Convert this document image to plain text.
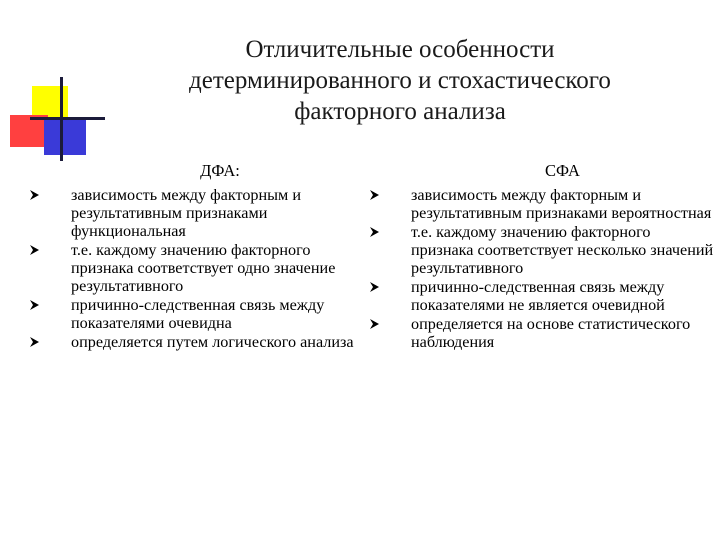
Отличительные особенности
детерминированного и стохастического
факторного анализа
ДФА:
зависимость между факторным и результативным признаками функциональная
т.е. каждому значению факторного признака соответствует одно значение результативного
причинно-следственная связь между показателями очевидна
определяется путем логического анализа
СФА
зависимость между факторным и результативным признаками вероятностная
т.е. каждому значению факторного признака соответствует несколько значений результативного
причинно-следственная связь между показателями не является очевидной
определяется на основе статистического наблюдения
